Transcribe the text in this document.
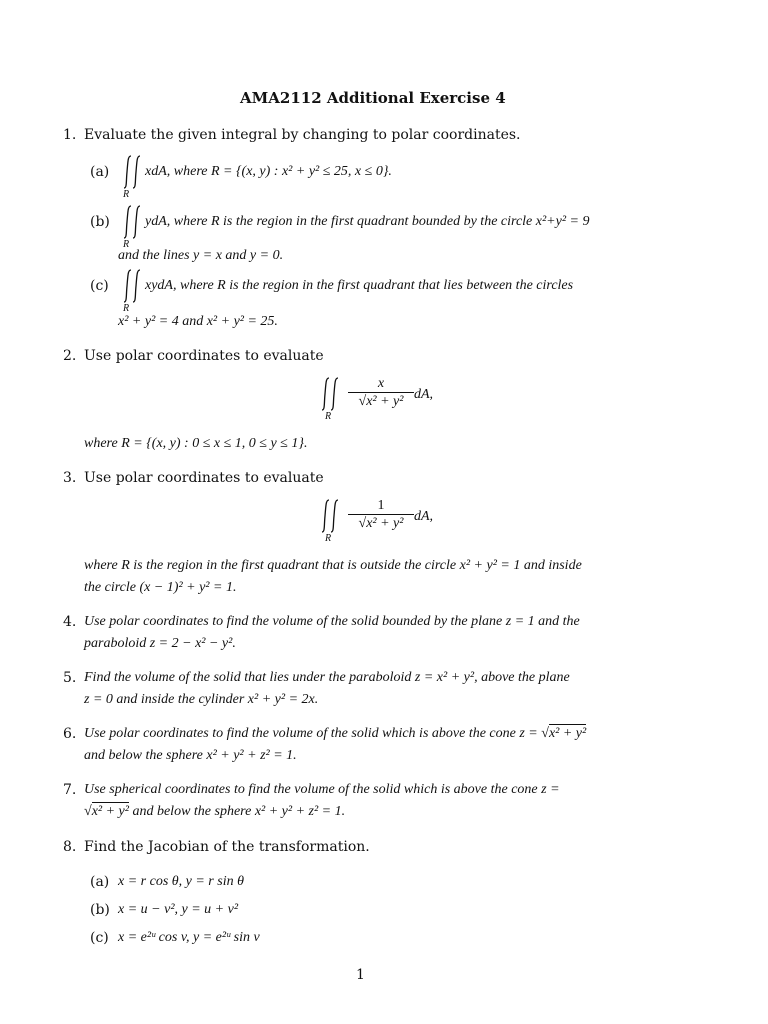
AMA2112 Additional Exercise 4
1. Evaluate the given integral by changing to polar coordinates.
(a)
R
xdA, where R = {(x, y) : x² + y² ≤ 25, x ≤ 0}.
(b)
R
ydA, where R is the region in the first quadrant bounded by the circle x²+y² = 9
and the lines y = x and y = 0.
(c)
R
xydA, where R is the region in the first quadrant that lies between the circles
x² + y² = 4 and x² + y² = 25.
2. Use polar coordinates to evaluate
R
x
√x² + y² dA,
where R = {(x, y) : 0 ≤ x ≤ 1, 0 ≤ y ≤ 1}.
3. Use polar coordinates to evaluate
R
1
√x² + y² dA,
where R is the region in the first quadrant that is outside the circle x² + y² = 1 and inside
the circle (x − 1)² + y² = 1.
4. Use polar coordinates to find the volume of the solid bounded by the plane z = 1 and the
paraboloid z = 2 − x² − y².
5. Find the volume of the solid that lies under the paraboloid z = x² + y², above the plane
z = 0 and inside the cylinder x² + y² = 2x.
6. Use polar coordinates to find the volume of the solid which is above the cone z = √x² + y²
and below the sphere x² + y² + z² = 1.
7. Use spherical coordinates to find the volume of the solid which is above the cone z =
√x² + y² and below the sphere x² + y² + z² = 1.
8. Find the Jacobian of the transformation.
(a) x = r cos θ, y = r sin θ
(b) x = u − v², y = u + v²
(c) x = e²ᵘ cos v, y = e²ᵘ sin v
1
